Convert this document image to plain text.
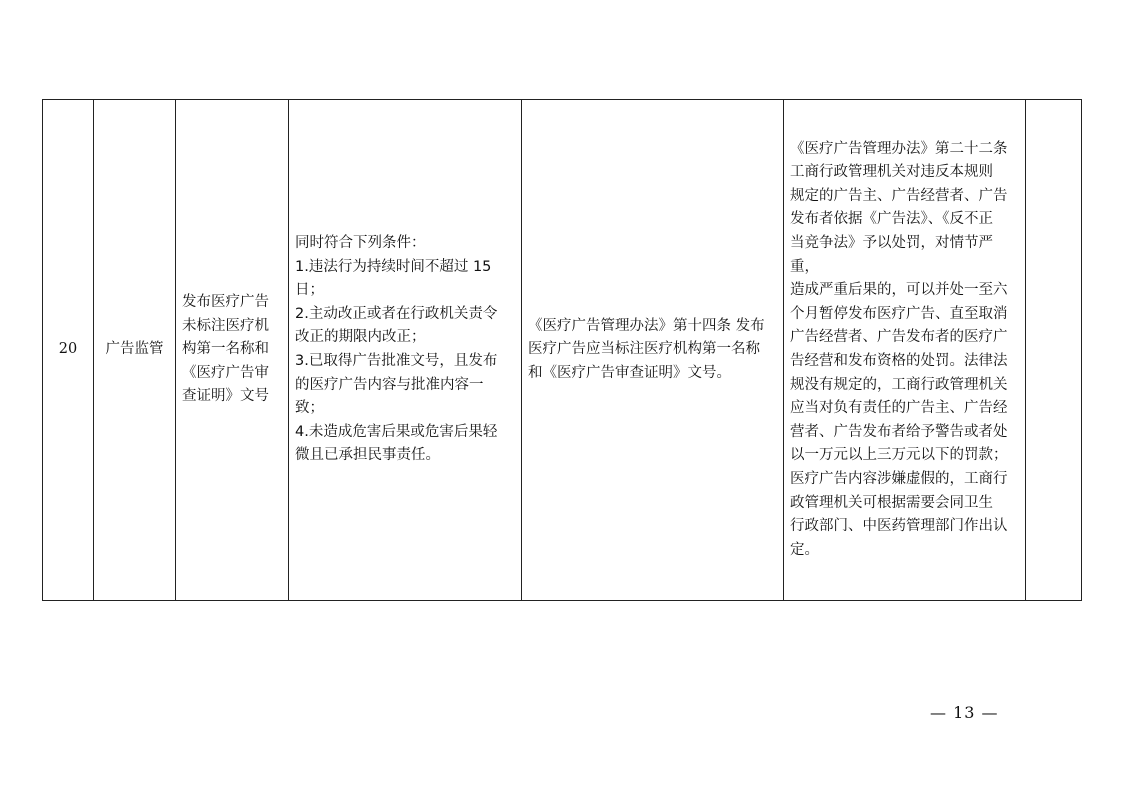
20	广告监管	
发布医疗广告
未标注医疗机
构第一名称和
《医疗广告审
查证明》文号

同时符合下列条件：
1.违法行为持续时间不超过 15
日；
2.主动改正或者在行政机关责令
改正的期限内改正；
3.已取得广告批准文号，且发布
的医疗广告内容与批准内容一
致；
4.未造成危害后果或危害后果轻
微且已承担民事责任。

《医疗广告管理办法》第十四条 发布
医疗广告应当标注医疗机构第一名称
和《医疗广告审查证明》文号。

《医疗广告管理办法》第二十二条
工商行政管理机关对违反本规则
规定的广告主、广告经营者、广告
发布者依据《广告法》、《反不正
当竞争法》予以处罚，对情节严重，
造成严重后果的，可以并处一至六
个月暂停发布医疗广告、直至取消
广告经营者、广告发布者的医疗广
告经营和发布资格的处罚。法律法
规没有规定的，工商行政管理机关
应当对负有责任的广告主、广告经
营者、广告发布者给予警告或者处
以一万元以上三万元以下的罚款；
医疗广告内容涉嫌虚假的，工商行
政管理机关可根据需要会同卫生
行政部门、中医药管理部门作出认
定。

— 13 —
